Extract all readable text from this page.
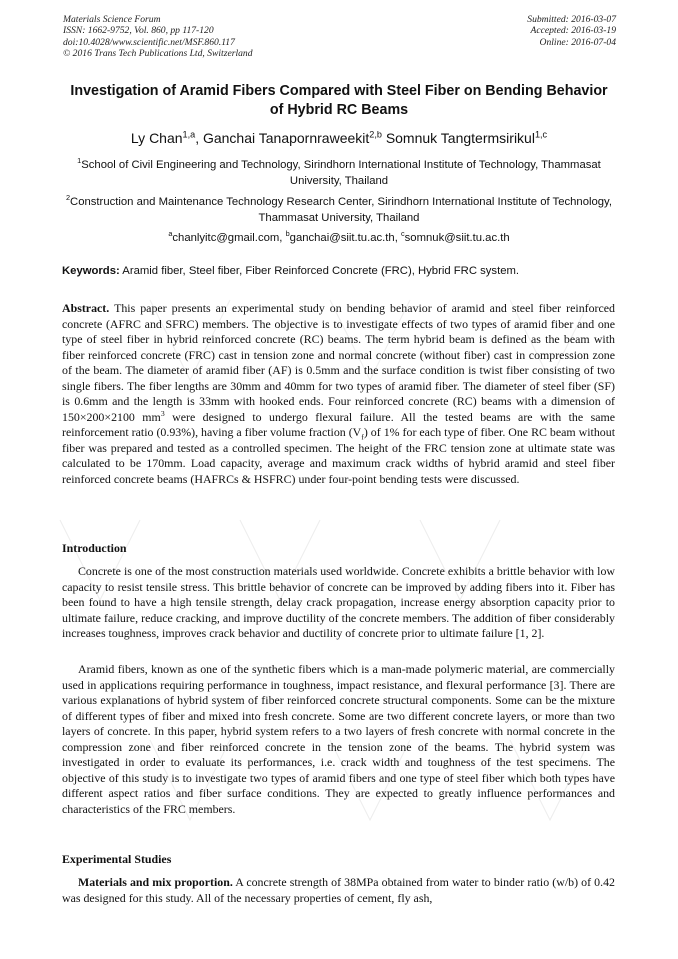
Materials Science Forum
ISSN: 1662-9752, Vol. 860, pp 117-120
doi:10.4028/www.scientific.net/MSF.860.117
© 2016 Trans Tech Publications Ltd, Switzerland
Submitted: 2016-03-07
Accepted: 2016-03-19
Online: 2016-07-04
Investigation of Aramid Fibers Compared with Steel Fiber on Bending Behavior of Hybrid RC Beams
Ly Chan$^{1,a}$, Ganchai Tanapornraweekit$^{2,b}$ Somnuk Tangtermsirikul$^{1,c}$
$^1$School of Civil Engineering and Technology, Sirindhorn International Institute of Technology, Thammasat University, Thailand
$^2$Construction and Maintenance Technology Research Center, Sirindhorn International Institute of Technology, Thammasat University, Thailand
$^a$chanlyitc@gmail.com, $^b$ganchai@siit.tu.ac.th, $^c$somnuk@siit.tu.ac.th
Keywords: Aramid fiber, Steel fiber, Fiber Reinforced Concrete (FRC), Hybrid FRC system.
Abstract. This paper presents an experimental study on bending behavior of aramid and steel fiber reinforced concrete (AFRC and SFRC) members. The objective is to investigate effects of two types of aramid fiber and one type of steel fiber in hybrid reinforced concrete (RC) beams. The term hybrid beam is defined as the beam with fiber reinforced concrete (FRC) cast in tension zone and normal concrete (without fiber) cast in compression zone of the beam. The diameter of aramid fiber (AF) is 0.5mm and the surface condition is twist fiber consisting of two single fibers. The fiber lengths are 30mm and 40mm for two types of aramid fiber. The diameter of steel fiber (SF) is 0.6mm and the length is 33mm with hooked ends. Four reinforced concrete (RC) beams with a dimension of 150×200×2100 $mm^3$ were designed to undergo flexural failure. All the tested beams are with the same reinforcement ratio (0.93%), having a fiber volume fraction $(V_f)$ of 1% for each type of fiber. One RC beam without fiber was prepared and tested as a controlled specimen. The height of the FRC tension zone at ultimate state was calculated to be 170mm. Load capacity, average and maximum crack widths of hybrid aramid and steel fiber reinforced concrete beams (HAFRCs & HSFRC) under four-point bending tests were discussed.
Introduction
Concrete is one of the most construction materials used worldwide. Concrete exhibits a brittle behavior with low capacity to resist tensile stress. This brittle behavior of concrete can be improved by adding fibers into it. Fiber has been found to have a high tensile strength, delay crack propagation, increase energy absorption capacity prior to ultimate failure, reduce cracking, and improve ductility of the concrete members. The addition of fiber considerably increases toughness, improves crack behavior and ductility of concrete prior to ultimate failure [1, 2].
Aramid fibers, known as one of the synthetic fibers which is a man-made polymeric material, are commercially used in applications requiring performance in toughness, impact resistance, and flexural performance [3]. There are various explanations of hybrid system of fiber reinforced concrete structural components. Some can be the mixture of different types of fiber and mixed into fresh concrete. Some are two different concrete layers, or more than two layers of concrete. In this paper, hybrid system refers to a two layers of fresh concrete with normal concrete in the compression zone and fiber reinforced concrete in the tension zone of the beams. The hybrid system was investigated in order to evaluate its performances, i.e. crack width and toughness of the test specimens. The objective of this study is to investigate two types of aramid fibers and one type of steel fiber which both types have different aspect ratios and fiber surface conditions. They are expected to greatly influence performances and characteristics of the FRC members.
Experimental Studies
Materials and mix proportion. A concrete strength of 38MPa obtained from water to binder ratio (w/b) of 0.42 was designed for this study. All of the necessary properties of cement, fly ash,
